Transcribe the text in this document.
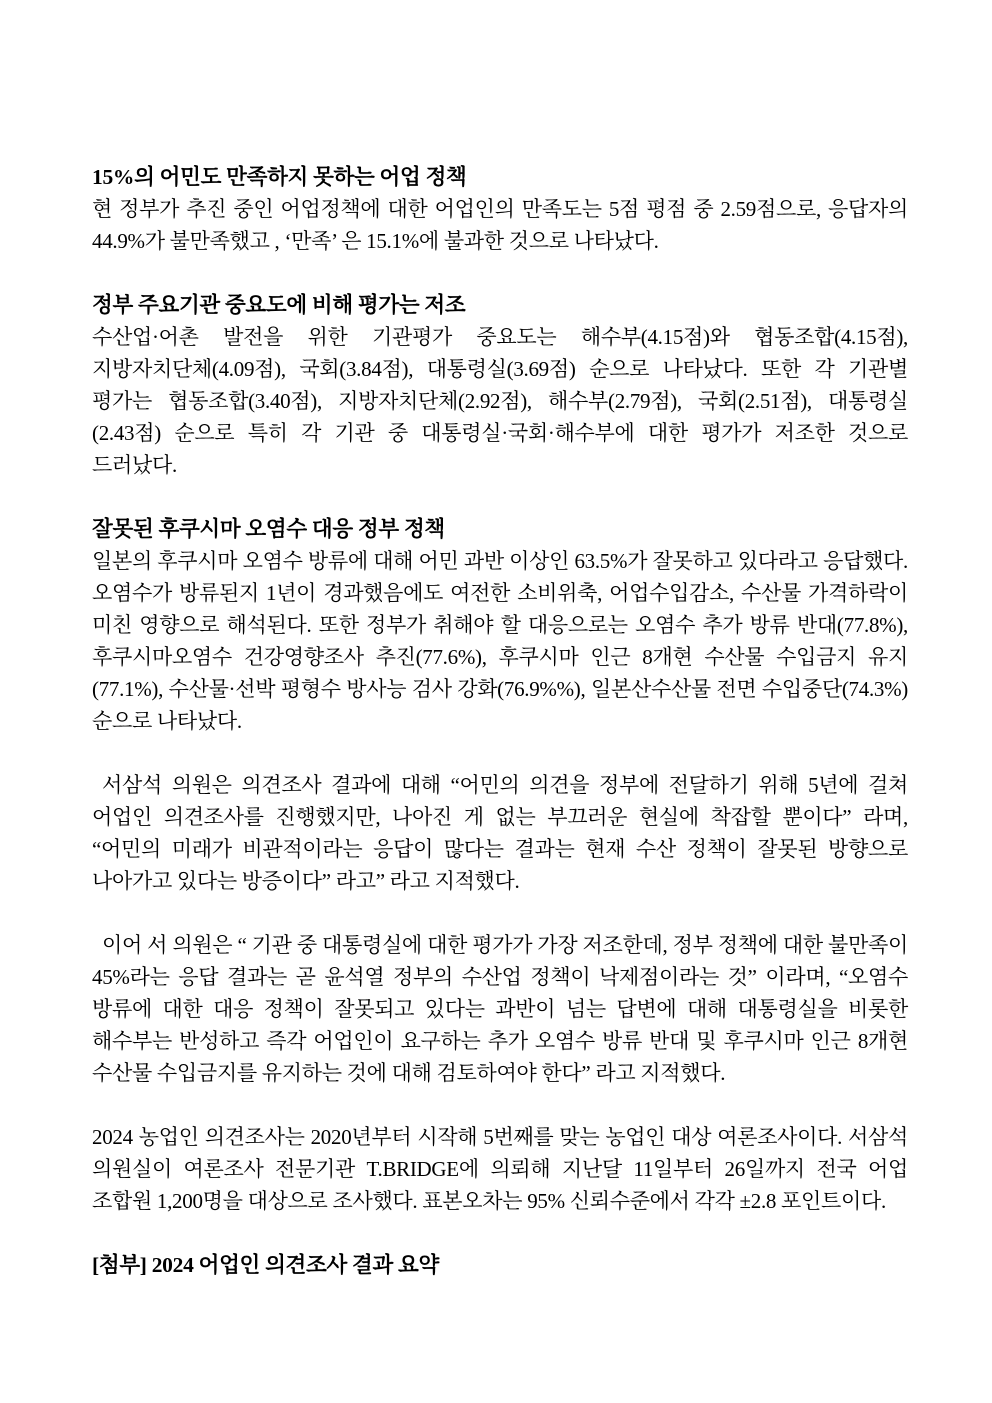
15%의 어민도 만족하지 못하는 어업 정책

현 정부가 추진 중인 어업정책에 대한 어업인의 만족도는 5점 평점 중 2.59점으로, 응답자의 44.9%가 불만족했고 , ‘만족’ 은 15.1%에 불과한 것으로 나타났다.

정부 주요기관 중요도에 비해 평가는 저조

수산업·어촌 발전을 위한 기관평가 중요도는 해수부(4.15점)와 협동조합(4.15점), 지방자치단체(4.09점), 국회(3.84점), 대통령실(3.69점) 순으로 나타났다. 또한 각 기관별 평가는 협동조합(3.40점), 지방자치단체(2.92점), 해수부(2.79점), 국회(2.51점), 대통령실(2.43점) 순으로 특히 각 기관 중 대통령실·국회·해수부에 대한 평가가 저조한 것으로 드러났다.

잘못된 후쿠시마 오염수 대응 정부 정책

일본의 후쿠시마 오염수 방류에 대해 어민 과반 이상인 63.5%가 잘못하고 있다라고 응답했다. 오염수가 방류된지 1년이 경과했음에도 여전한 소비위축, 어업수입감소, 수산물 가격하락이 미친 영향으로 해석된다. 또한 정부가 취해야 할 대응으로는 오염수 추가 방류 반대(77.8%), 후쿠시마오염수 건강영향조사 추진(77.6%), 후쿠시마 인근 8개현 수산물 수입금지 유지(77.1%), 수산물·선박 평형수 방사능 검사 강화(76.9%%), 일본산수산물 전면 수입중단(74.3%) 순으로 나타났다.

서삼석 의원은 의견조사 결과에 대해 “어민의 의견을 정부에 전달하기 위해 5년에 걸쳐 어업인 의견조사를 진행했지만, 나아진 게 없는 부끄러운 현실에 착잡할 뿐이다” 라며, “어민의 미래가 비관적이라는 응답이 많다는 결과는 현재 수산 정책이 잘못된 방향으로 나아가고 있다는 방증이다” 라고” 라고 지적했다.

이어 서 의원은 “ 기관 중 대통령실에 대한 평가가 가장 저조한데, 정부 정책에 대한 불만족이 45%라는 응답 결과는 곧 윤석열 정부의 수산업 정책이 낙제점이라는 것” 이라며, “오염수 방류에 대한 대응 정책이 잘못되고 있다는 과반이 넘는 답변에 대해 대통령실을 비롯한 해수부는 반성하고 즉각 어업인이 요구하는 추가 오염수 방류 반대 및 후쿠시마 인근 8개현 수산물 수입금지를 유지하는 것에 대해 검토하여야 한다” 라고 지적했다.

2024 농업인 의견조사는 2020년부터 시작해 5번째를 맞는 농업인 대상 여론조사이다. 서삼석 의원실이 여론조사 전문기관 T.BRIDGE에 의뢰해 지난달 11일부터 26일까지 전국 어업 조합원 1,200명을 대상으로 조사했다. 표본오차는 95% 신뢰수준에서 각각 ±2.8 포인트이다.

[첨부] 2024 어업인 의견조사 결과 요약
